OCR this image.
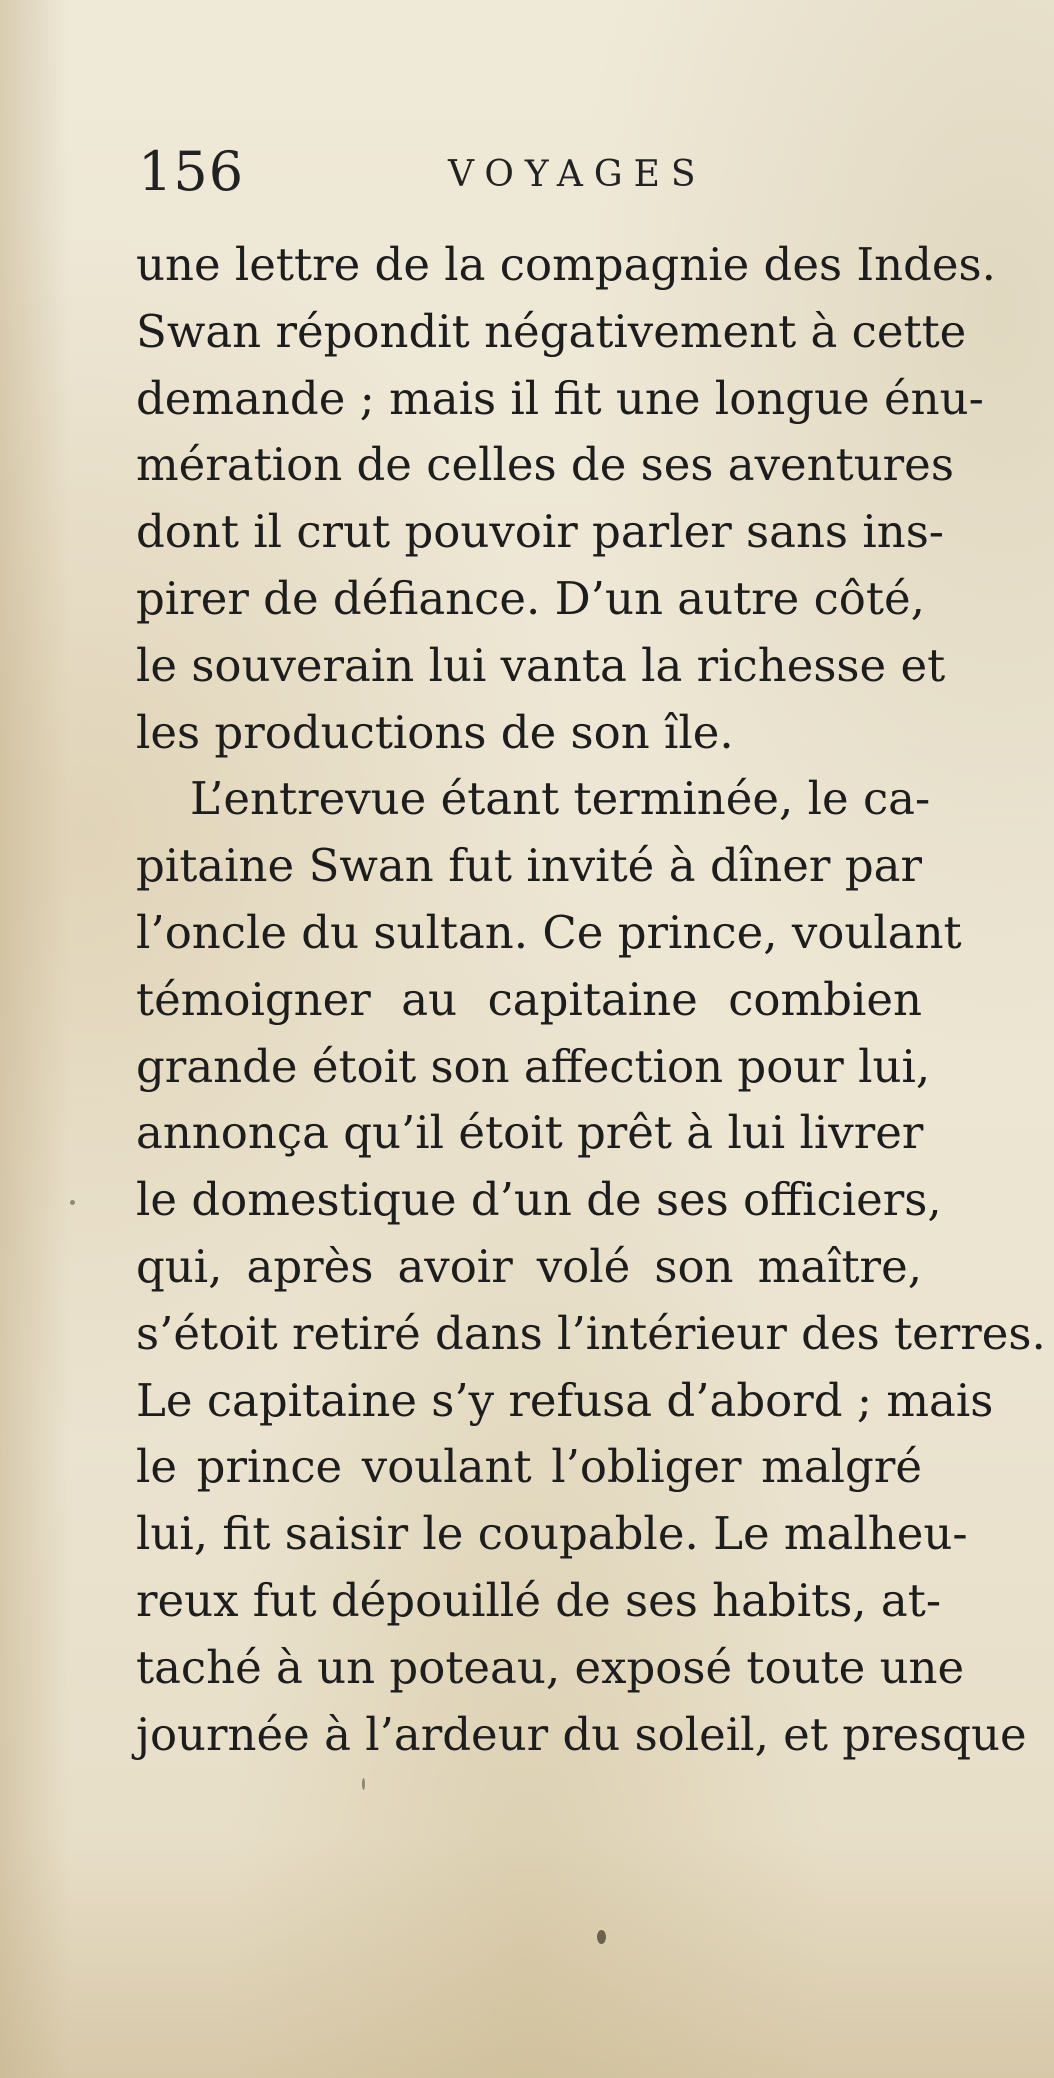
156	VOYAGES
une lettre de la compagnie des Indes.
Swan répondit négativement à cette
demande ; mais il fit une longue énu-
mération de celles de ses aventures
dont il crut pouvoir parler sans ins-
pirer de défiance. D’un autre côté,
le souverain lui vanta la richesse et
les productions de son île.
L’entrevue étant terminée, le ca-
pitaine Swan fut invité à dîner par
l’oncle du sultan. Ce prince, voulant
témoigner au capitaine combien
grande étoit son affection pour lui,
annonça qu’il étoit prêt à lui livrer
le domestique d’un de ses officiers,
qui, après avoir volé son maître,
s’étoit retiré dans l’intérieur des terres.
Le capitaine s’y refusa d’abord ; mais
le prince voulant l’obliger malgré
lui, fit saisir le coupable. Le malheu-
reux fut dépouillé de ses habits, at-
taché à un poteau, exposé toute une
journée à l’ardeur du soleil, et presque
